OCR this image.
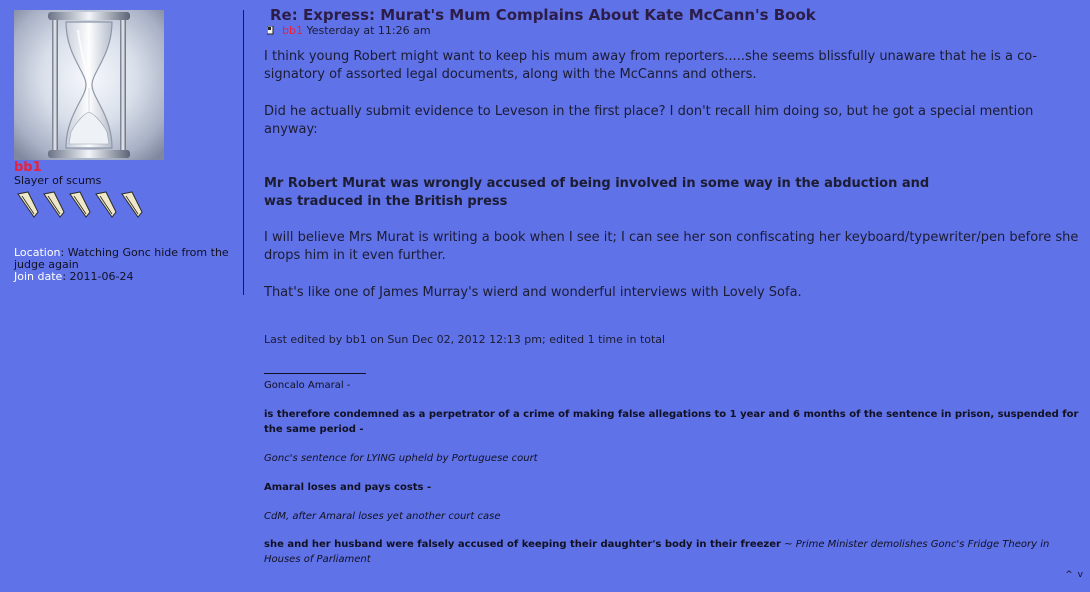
bb1
Slayer of scums
Location: Watching Gonc hide from the judge again
Join date: 2011-06-24
Re: Express: Murat's Mum Complains About Kate McCann's Book
bb1 Yesterday at 11:26 am

I think young Robert might want to keep his mum away from reporters.....she seems blissfully unaware that he is a co-signatory of assorted legal documents, along with the McCanns and others.

Did he actually submit evidence to Leveson in the first place? I don't recall him doing so, but he got a special mention anyway:

Mr Robert Murat was wrongly accused of being involved in some way in the abduction and was traduced in the British press

I will believe Mrs Murat is writing a book when I see it; I can see her son confiscating her keyboard/typewriter/pen before she drops him in it even further.

That's like one of James Murray's wierd and wonderful interviews with Lovely Sofa.

Last edited by bb1 on Sun Dec 02, 2012 12:13 pm; edited 1 time in total

Goncalo Amaral -

is therefore condemned as a perpetrator of a crime of making false allegations to 1 year and 6 months of the sentence in prison, suspended for the same period -

Gonc's sentence for LYING upheld by Portuguese court

Amaral loses and pays costs -

CdM, after Amaral loses yet another court case

she and her husband were falsely accused of keeping their daughter's body in their freezer ~ Prime Minister demolishes Gonc's Fridge Theory in Houses of Parliament

^ v
